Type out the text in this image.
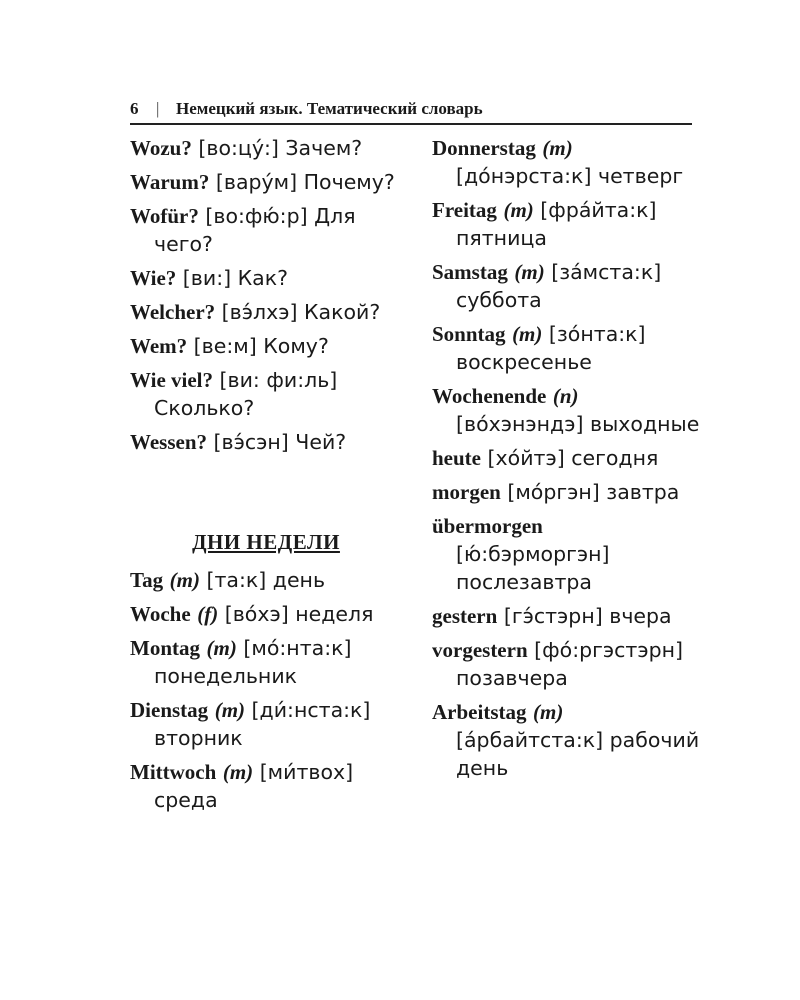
6 | Немецкий язык. Тематический словарь

Wozu? [во:цу́:] Зачем?

Warum? [вару́м] Почему?

Wofür? [во:фю́:р] Для чего?

Wie? [ви:] Как?

Welcher? [вэ́лхэ] Какой?

Wem? [ве:м] Кому?

Wie viel? [ви: фи:ль] Сколько?

Wessen? [вэ́сэн] Чей?

ДНИ НЕДЕЛИ

Tag (m) [та:к] день

Woche (f) [во́хэ] неделя

Montag (m) [мо́:нта:к] понедельник

Dienstag (m) [ди́:нста:к] вторник

Mittwoch (m) [ми́твох] среда

Donnerstag (m) [до́нэрста:к] четверг

Freitag (m) [фра́йта:к] пятница

Samstag (m) [за́мста:к] суббота

Sonntag (m) [зо́нта:к] воскресенье

Wochenende (n) [во́хэнэндэ] выходные

heute [хо́йтэ] сегодня

morgen [мо́ргэн] завтра

übermorgen [ю́:бэрморгэн] послезавтра

gestern [гэ́стэрн] вчера

vorgestern [фо́:ргэстэрн] позавчера

Arbeitstag (m) [а́рбайтста:к] рабочий день
